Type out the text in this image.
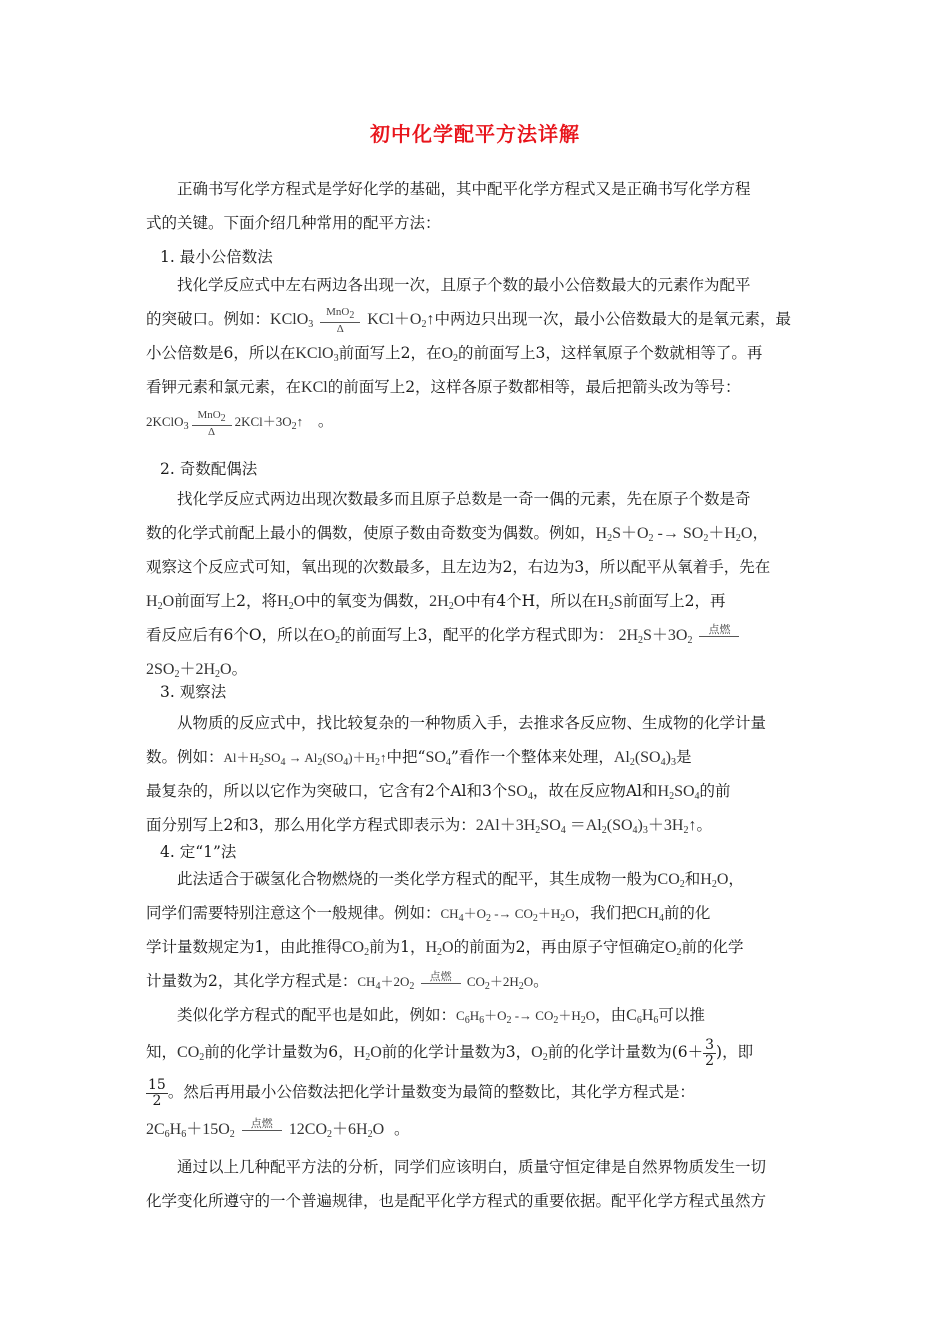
初中化学配平方法详解
正确书写化学方程式是学好化学的基础，其中配平化学方程式又是正确书写化学方程
式的关键。下面介绍几种常用的配平方法：
1. 最小公倍数法
找化学反应式中左右两边各出现一次，且原子个数的最小公倍数最大的元素作为配平
的突破口。例如：KClO$_3$
MnO$_2$
Δ
$KCl+O_2↑$中两边只出现一次，最小公倍数最大的是氧元素，最
小公倍数是6，所以在KClO$_3$前面写上2，在$O_2$的前面写上3，这样氧原子个数就相等了。再
看钾元素和氯元素，在KCl的前面写上2，这样各原子数都相等，最后把箭头改为等号：
2KClO$_3$
MnO$_2$
Δ
$2KCl+3O_2↑$ 。
2. 奇数配偶法
找化学反应式两边出现次数最多而且原子总数是一奇一偶的元素，先在原子个数是奇
数的化学式前配上最小的偶数，使原子数由奇数变为偶数。例如，$H_2S+O_2 -\to SO_2+H_2O$，
观察这个反应式可知，氧出现的次数最多，且左边为2，右边为3，所以配平从氧着手，先在
$H_2O$前面写上2，将$H_2O$中的氧变为偶数，$2H_2O$中有4个H，所以在$H_2S$前面写上2，再
看反应后有6个O，所以在$O_2$的前面写上3，配平的化学方程式即为： $2H_2S+3O_2$
点燃

$2SO_2+2H_2O$。
3. 观察法
从物质的反应式中，找比较复杂的一种物质入手，去推求各反应物、生成物的化学计量
数。例如：$Al+H_2SO_4$ → $Al_2(SO_4)+H_2↑$中把“$SO_4$”看作一个整体来处理，$Al_2(SO_4)_3$是
最复杂的，所以以它作为突破口，它含有2个Al和3个$SO_4$，故在反应物Al和$H_2SO_4$的前
面分别写上2和3，那么用化学方程式即表示为：$2Al+3H_2SO_4$ $=Al_2(SO_4)_3+3H_2↑$。
4. 定“1”法
此法适合于碳氢化合物燃烧的一类化学方程式的配平，其生成物一般为$CO_2$和$H_2O$，
同学们需要特别注意这个一般规律。例如：$CH_4+O_2 -\to CO_2+H_2O$，我们把$CH_4$前的化
学计量数规定为1，由此推得$CO_2$前为1，$H_2O$的前面为2，再由原子守恒确定$O_2$前的化学
计量数为2，其化学方程式是：$CH_4+2O_2$
点燃
$CO_2+2H_2O$。
类似化学方程式的配平也是如此，例如：$C_6H_6+O_2 -\to CO_2+H_2O$，由$C_6H_6$可以推
知，$CO_2$前的化学计量数为6，$H_2O$前的化学计量数为3，$O_2$前的化学计量数为($6+ \frac{3}{2}$ )，即
$\frac{15}{2}$ 。然后再用最小公倍数法把化学计量数变为最简的整数比，其化学方程式是：
$2C_6H_6+15O_2$
点燃
$12CO_2+6H_2O$ 。
通过以上几种配平方法的分析，同学们应该明白，质量守恒定律是自然界物质发生一切
化学变化所遵守的一个普遍规律，也是配平化学方程式的重要依据。配平化学方程式虽然方
